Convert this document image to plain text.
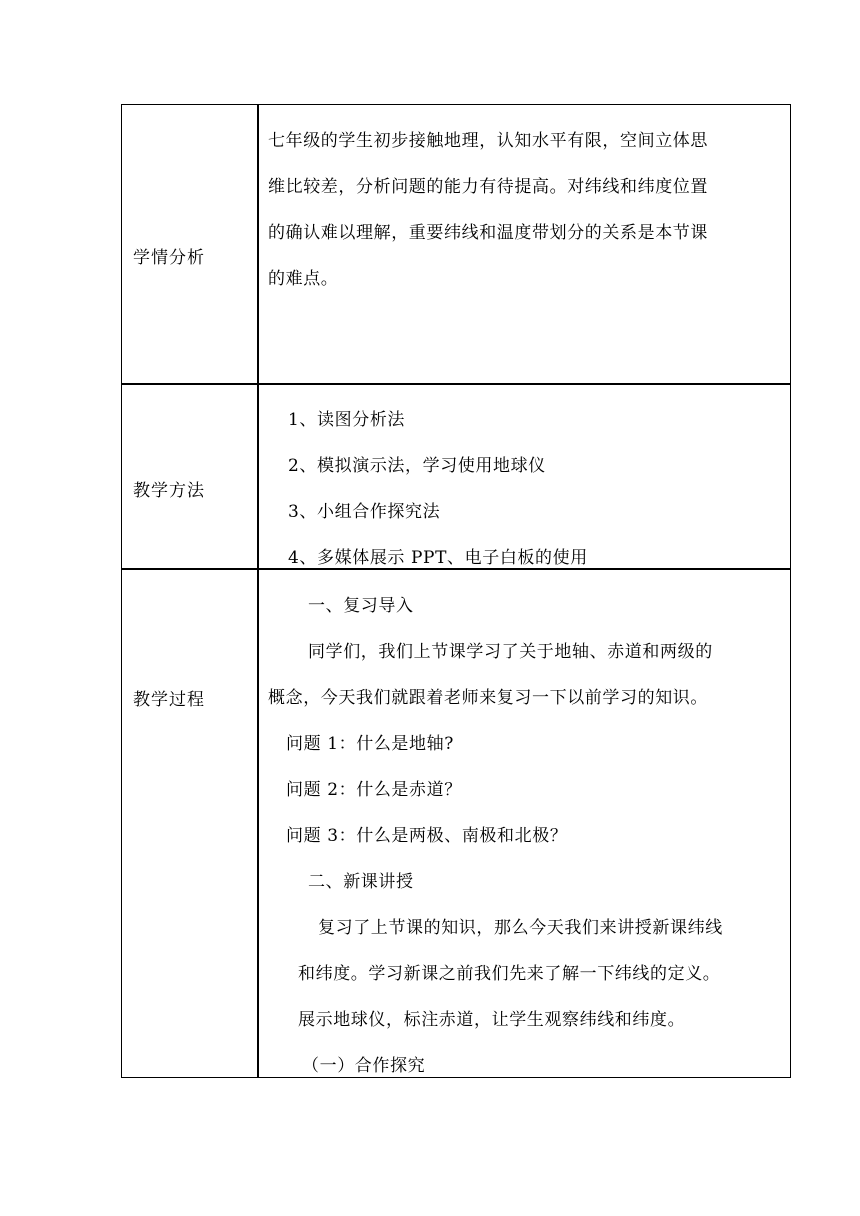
学情分析
七年级的学生初步接触地理，认知水平有限，空间立体思
维比较差，分析问题的能力有待提高。对纬线和纬度位置
的确认难以理解，重要纬线和温度带划分的关系是本节课
的难点。
教学方法
1、读图分析法
2、模拟演示法，学习使用地球仪
3、小组合作探究法
4、多媒体展示 PPT、电子白板的使用
教学过程
一、复习导入
同学们，我们上节课学习了关于地轴、赤道和两级的
概念，今天我们就跟着老师来复习一下以前学习的知识。
问题 1：什么是地轴?
问题 2：什么是赤道？
问题 3：什么是两极、南极和北极？
二、新课讲授
复习了上节课的知识，那么今天我们来讲授新课纬线
和纬度。学习新课之前我们先来了解一下纬线的定义。
展示地球仪，标注赤道，让学生观察纬线和纬度。
（一）合作探究
